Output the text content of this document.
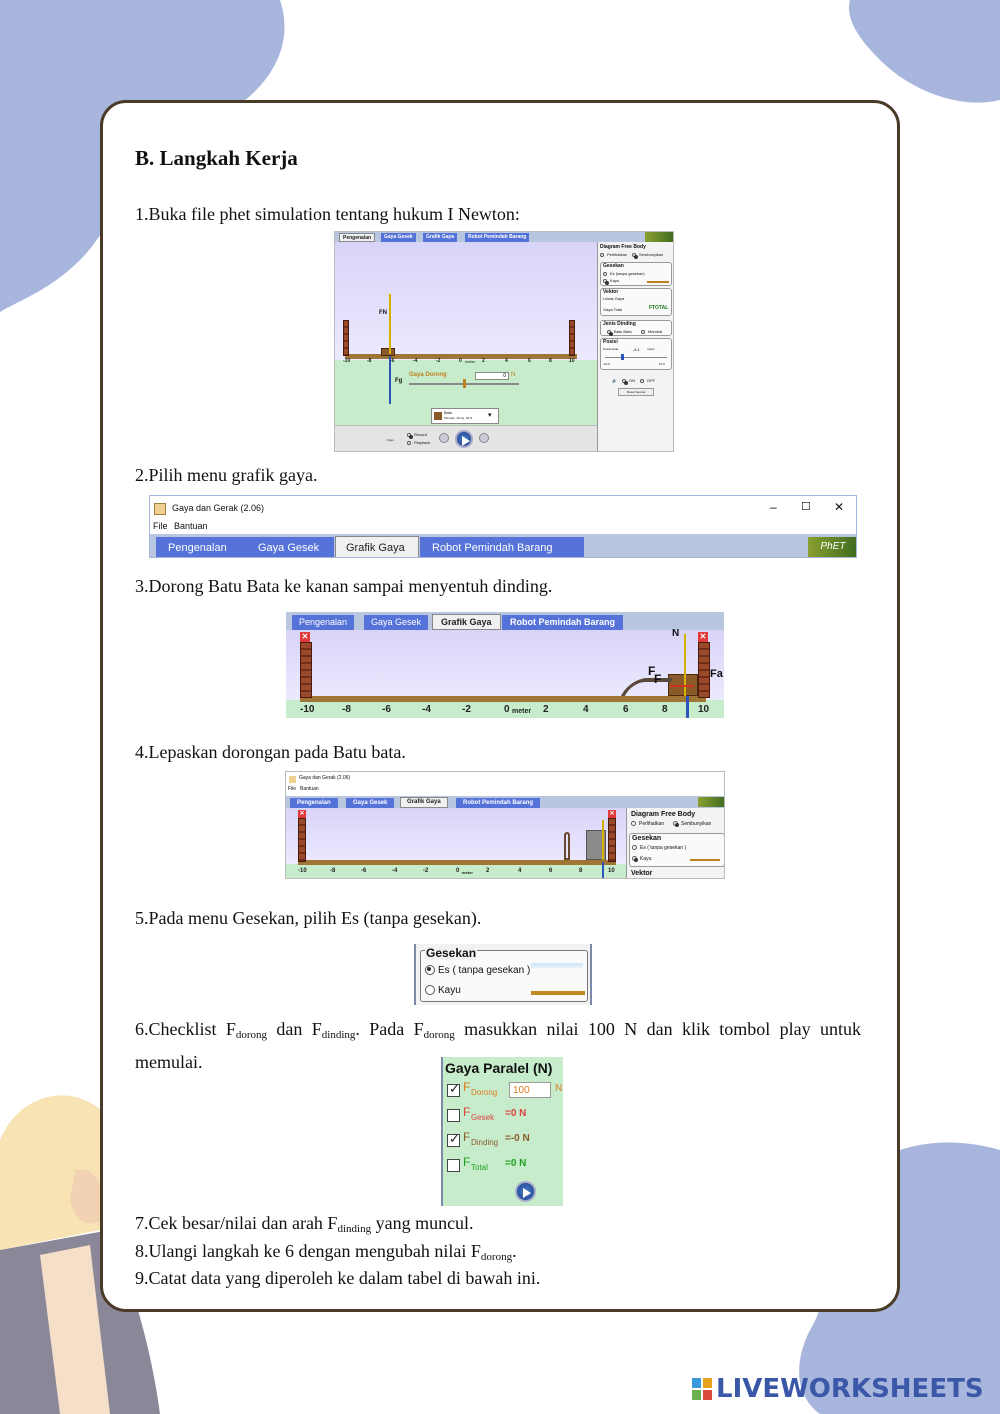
B. Langkah Kerja
1.Buka file phet simulation tentang hukum I Newton:
Pengenalan	Gaya Gesek	Grafik Gaya	Robot Pemindah Barang
FN
Fg
-10	-8	-6	-4	-2	0 meter 2	4	6	8	10
Gaya Dorong	0 N
Batu
Tali tipis, 40 Kg, 40 N ▾
Kayu
Record
Playback
Diagram Free Body
Perlihatkan	Sembunyikan
Gesekan
Es (tanpa gesekan)
Kayu
Vektor
Lekas Gaya
Gaya Total	FTOTAL
Jenis Dinding
Batu Bata	Membal
Posisi
Posisi Awal	-6.1 meter
-10.0	10.0
🔊	ON	OFF
Reset Semua
2.Pilih menu grafik gaya.
Gaya dan Gerak (2.06)	– ☐ ✕
File Bantuan
Pengenalan	Gaya Gesek	Grafik Gaya	Robot Pemindah Barang	PhET
3.Dorong Batu Bata ke kanan sampai menyentuh dinding.
Pengenalan	Gaya Gesek	Grafik Gaya	Robot Pemindah Barang
✕	✕
N
F
F	Fa
-10	-8	-6	-4	-2	0 meter 2	4	6	8	10
4.Lepaskan dorongan pada Batu bata.
Gaya dan Gerak (2.06)
File Bantuan
Pengenalan	Gaya Gesek	Grafik Gaya	Robot Pemindah Barang
✕	✕
-10	-8	-6	-4	-2	0 meter 2	4	6	8	10
Diagram Free Body
Perlihatkan	Sembunyikan
Gesekan
Es ( tanpa gesekan )
Kayu
Vektor
5.Pada menu Gesekan, pilih Es (tanpa gesekan).
Gesekan
Es ( tanpa gesekan )
Kayu
6.Checklist $F_{dorong}$ dan $F_{dinding}$. Pada $F_{dorong}$ masukkan nilai 100 N dan klik tombol play untuk memulai.	Gaya Paralel (N)
✓
F Dorong	100	N
F Gesek =0 N
✓
F Dinding =-0 N
F Total =0 N
7.Cek besar/nilai dan arah $F_{dinding}$ yang muncul.
8.Ulangi langkah ke 6 dengan mengubah nilai $F_{dorong}$.
9.Catat data yang diperoleh ke dalam tabel di bawah ini.
LIVEWORKSHEETS
